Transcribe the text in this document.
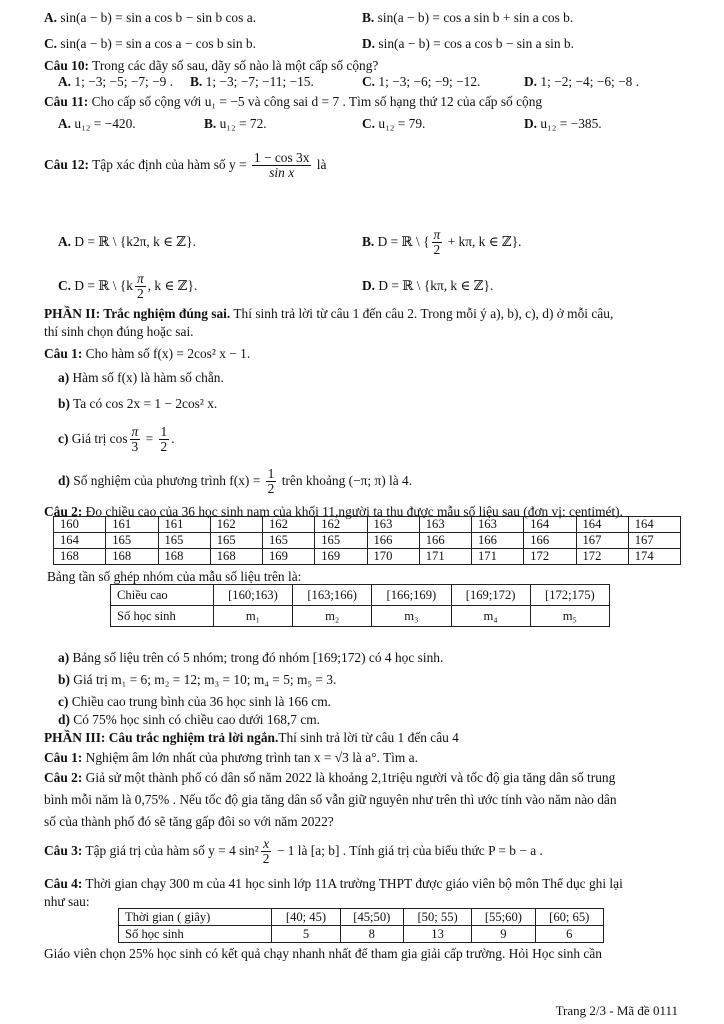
A. sin(a − b) = sin a cos b − sin b cos a.	B. sin(a − b) = cos a sin b + sin a cos b.
C. sin(a − b) = sin a cos a − cos b sin b.	D. sin(a − b) = cos a cos b − sin a sin b.
Câu 10: Trong các dãy số sau, dãy số nào là một cấp số cộng?
A. 1; −3; −5; −7; −9 . B. 1; −3; −7; −11; −15.	C. 1; −3; −6; −9; −12.	D. 1; −2; −4; −6; −8 .
Câu 11: Cho cấp số cộng với u₁ = −5 và công sai d = 7 . Tìm số hạng thứ 12 của cấp số cộng
A. u₁₂ = −420.	B. u₁₂ = 72.	C. u₁₂ = 79.	D. u₁₂ = −385.
Câu 12: Tập xác định của hàm số $y = \frac{1 - \cos 3x}{\text{sin x}}$ là
A. D = ℝ \ {k2π, k ∈ ℤ}.	B. D = ℝ \ { $\frac{\pi}{2} + k\pi$, k ∈ ℤ}.
C. D = ℝ \ {$k \frac{\pi}{2}$ , k ∈ ℤ}.	D. D = ℝ \ {kπ, k ∈ ℤ}.
PHẦN II: Trắc nghiệm đúng sai. Thí sinh trả lời từ câu 1 đến câu 2. Trong mỗi ý a), b), c), d) ở mỗi câu,
thí sinh chọn đúng hoặc sai.
Câu 1: Cho hàm số f(x) = 2cos² x − 1.
a) Hàm số f(x) là hàm số chẵn.
b) Ta có cos 2x = 1 − 2cos² x.
c) Giá trị $\cos \frac{\pi}{3} = \frac{1}{2}$ .
d) Số nghiệm của phương trình $f(x) = \frac{1}{2}$ trên khoảng (−π; π) là 4.
Câu 2: Đo chiều cao của 36 học sinh nam của khối 11,người ta thu được mẫu số liệu sau (đơn vị: centimét).
160	161	161	162	162	162	163	163	163	164	164	164
164	165	165	165	165	165	166	166	166	166	167	167
168	168	168	168	169	169	170	171	171	172	172	174
Bảng tần số ghép nhóm của mẫu số liệu trên là:
Chiều cao	[160;163)	[163;166)	[166;169)	[169;172)	[172;175)
Số học sinh	m₁	m₂	m₃	m₄	m₅
a) Bảng số liệu trên có 5 nhóm; trong đó nhóm [169;172) có 4 học sinh.
b) Giá trị m₁ = 6; m₂ = 12; m₃ = 10; m₄ = 5; m₅ = 3.
c) Chiều cao trung bình của 36 học sinh là 166 cm.
d) Có 75% học sinh có chiều cao dưới 168,7 cm.
PHẦN III: Câu trắc nghiệm trả lời ngắn.Thí sinh trả lời từ câu 1 đến câu 4
Câu 1: Nghiệm âm lớn nhất của phương trình tan x = √3 là a°. Tìm a.
Câu 2: Giả sử một thành phố có dân số năm 2022 là khoảng 2,1triệu người và tốc độ gia tăng dân số trung
bình mỗi năm là 0,75% . Nếu tốc độ gia tăng dân số vẫn giữ nguyên như trên thì ước tính vào năm nào dân
số của thành phố đó sẽ tăng gấp đôi so với năm 2022?
Câu 3: Tập giá trị của hàm số y = 4 $\sin^2 \frac{x}{2} - 1$ là [a; b] . Tính giá trị của biểu thức P = b − a .
Câu 4: Thời gian chạy 300 m của 41 học sinh lớp 11A trường THPT được giáo viên bộ môn Thể dục ghi lại
như sau:
Thời gian ( giây)	[40; 45)	[45;50)	[50; 55)	[55;60)	[60; 65)
Số học sinh	5	8	13	9	6
Giáo viên chọn 25% học sinh có kết quả chạy nhanh nhất để tham gia giải cấp trường. Hỏi Học sinh cần
Trang 2/3 - Mã đề 0111
